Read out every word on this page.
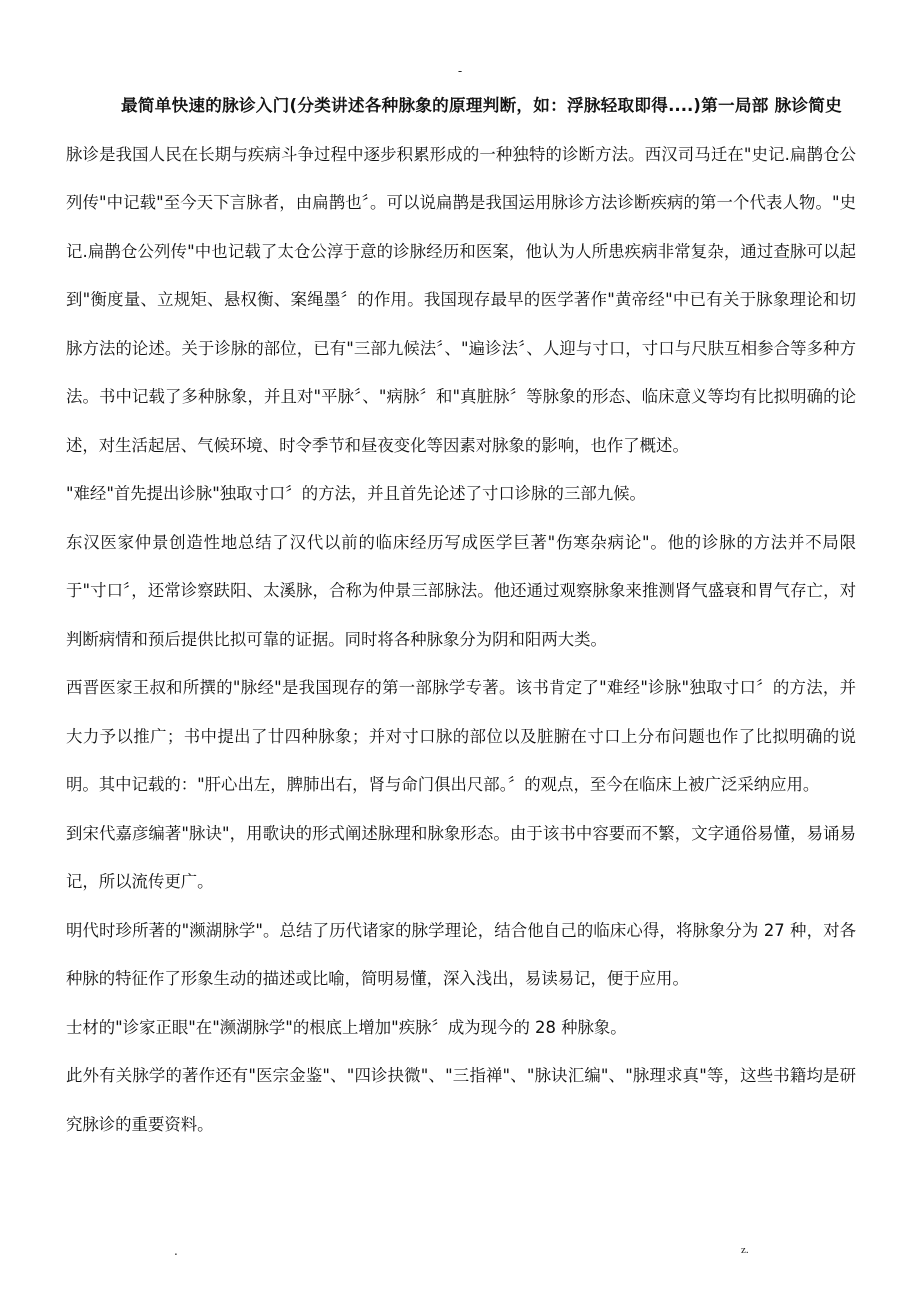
-

最简单快速的脉诊入门(分类讲述各种脉象的原理判断，如：浮脉轻取即得....)第一局部 脉诊简史脉诊是我国人民在长期与疾病斗争过程中逐步积累形成的一种独特的诊断方法。西汉司马迁在"史记.扁鹊仓公列传"中记载"至今天下言脉者，由扁鹊也〞。可以说扁鹊是我国运用脉诊方法诊断疾病的第一个代表人物。"史记.扁鹊仓公列传"中也记载了太仓公淳于意的诊脉经历和医案，他认为人所患疾病非常复杂，通过查脉可以起到"衡度量、立规矩、悬权衡、案绳墨〞的作用。我国现存最早的医学著作"黄帝经"中已有关于脉象理论和切脉方法的论述。关于诊脉的部位，已有"三部九候法〞、"遍诊法〞、人迎与寸口，寸口与尺肤互相参合等多种方法。书中记载了多种脉象，并且对"平脉〞、"病脉〞和"真脏脉〞等脉象的形态、临床意义等均有比拟明确的论述，对生活起居、气候环境、时令季节和昼夜变化等因素对脉象的影响，也作了概述。

"难经"首先提出诊脉"独取寸口〞的方法，并且首先论述了寸口诊脉的三部九候。

东汉医家仲景创造性地总结了汉代以前的临床经历写成医学巨著"伤寒杂病论"。他的诊脉的方法并不局限于"寸口〞，还常诊察趺阳、太溪脉，合称为仲景三部脉法。他还通过观察脉象来推测肾气盛衰和胃气存亡，对判断病情和预后提供比拟可靠的证据。同时将各种脉象分为阴和阳两大类。

西晋医家王叔和所撰的"脉经"是我国现存的第一部脉学专著。该书肯定了"难经"诊脉"独取寸口〞的方法，并大力予以推广；书中提出了廿四种脉象；并对寸口脉的部位以及脏腑在寸口上分布问题也作了比拟明确的说明。其中记载的："肝心出左，脾肺出右，肾与命门俱出尺部。〞的观点，至今在临床上被广泛采纳应用。

到宋代嘉彦编著"脉诀"，用歌诀的形式阐述脉理和脉象形态。由于该书中容要而不繁，文字通俗易懂，易诵易记，所以流传更广。

明代时珍所著的"濒湖脉学"。总结了历代诸家的脉学理论，结合他自己的临床心得，将脉象分为 27 种，对各种脉的特征作了形象生动的描述或比喻，简明易懂，深入浅出，易读易记，便于应用。

士材的"诊家正眼"在"濒湖脉学"的根底上增加"疾脉〞成为现今的 28 种脉象。

此外有关脉学的著作还有"医宗金鉴"、"四诊抉微"、"三指禅"、"脉诀汇编"、"脉理求真"等，这些书籍均是研究脉诊的重要资料。

.	z.
